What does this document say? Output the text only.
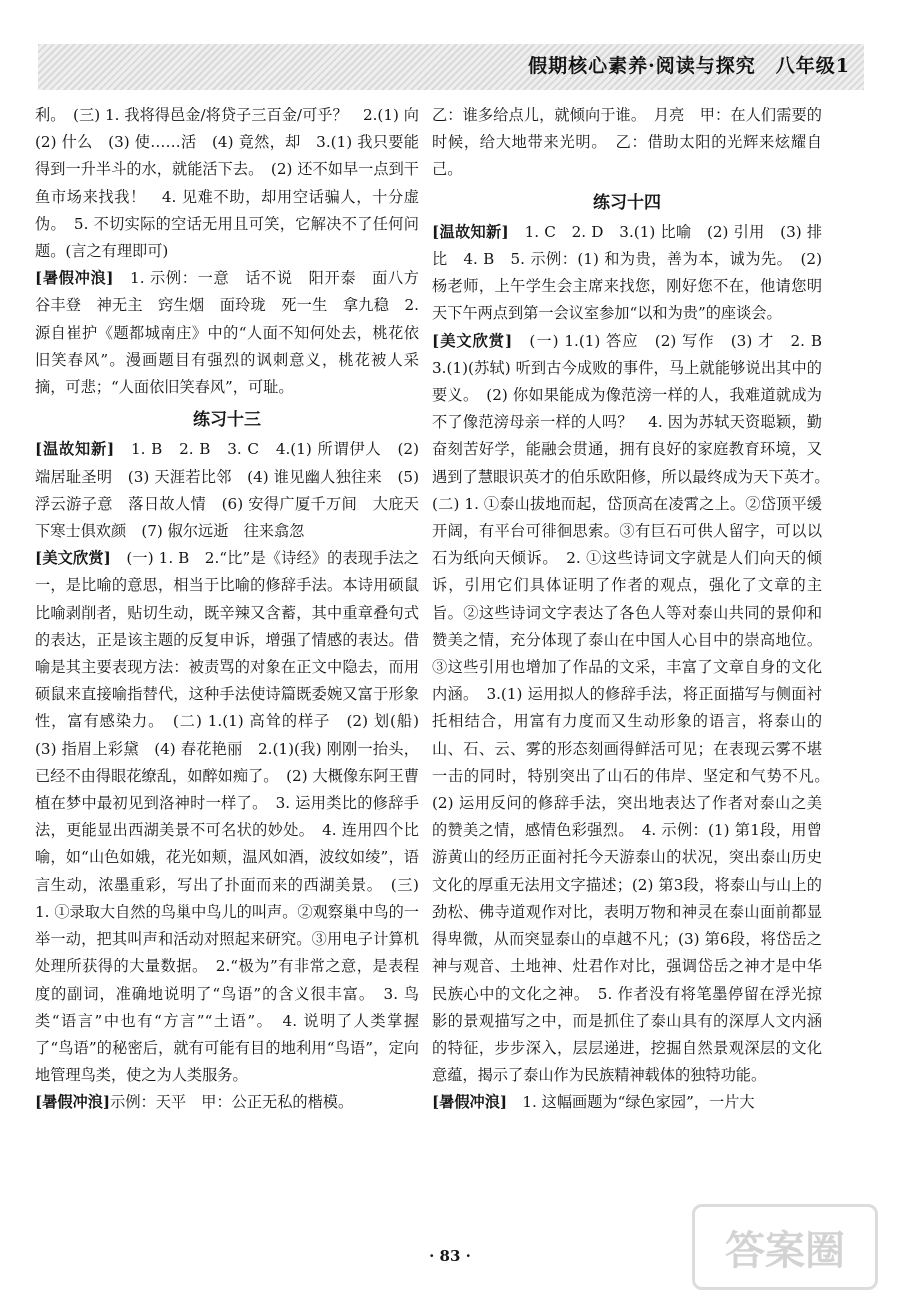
假期核心素养·阅读与探究　八年级1

利。　(三) 1. 我将得邑金/将贷子三百金/可乎？　2.(1) 向　(2) 什么　(3) 使……活　(4) 竟然，却　3.(1) 我只要能得到一升半斗的水，就能活下去。　(2) 还不如早一点到干鱼市场来找我！　4. 见难不助，却用空话骗人，十分虚伪。　5. 不切实际的空话无用且可笑，它解决不了任何问题。(言之有理即可)

[暑假冲浪]　1. 示例：一意　话不说　阳开泰　面八方　谷丰登　神无主　窍生烟　面玲珑　死一生　拿九稳　2. 源自崔护《题都城南庄》中的“人面不知何处去，桃花依旧笑春风”。漫画题目有强烈的讽刺意义，桃花被人采摘，可悲；“人面依旧笑春风”，可耻。

练习十三

[温故知新]　1. B　2. B　3. C　4.(1) 所谓伊人　(2) 端居耻圣明　(3) 天涯若比邻　(4) 谁见幽人独往来　(5) 浮云游子意　落日故人情　(6) 安得广厦千万间　大庇天下寒士俱欢颜　(7) 俶尔远逝　往来翕忽

[美文欣赏]　(一) 1. B　2.“比”是《诗经》的表现手法之一，是比喻的意思，相当于比喻的修辞手法。本诗用硕鼠比喻剥削者，贴切生动，既辛辣又含蓄，其中重章叠句式的表达，正是该主题的反复申诉，增强了情感的表达。借喻是其主要表现方法：被责骂的对象在正文中隐去，而用硕鼠来直接喻指替代，这种手法使诗篇既委婉又富于形象性，富有感染力。　(二) 1.(1) 高耸的样子　(2) 划(船)　(3) 指眉上彩黛　(4) 春花艳丽　2.(1)(我) 刚刚一抬头，已经不由得眼花缭乱，如醉如痴了。　(2) 大概像东阿王曹植在梦中最初见到洛神时一样了。　3. 运用类比的修辞手法，更能显出西湖美景不可名状的妙处。　4. 连用四个比喻，如“山色如娥，花光如颊，温风如酒，波纹如绫”，语言生动，浓墨重彩，写出了扑面而来的西湖美景。　(三) 1. ①录取大自然的鸟巢中鸟儿的叫声。②观察巢中鸟的一举一动，把其叫声和活动对照起来研究。③用电子计算机处理所获得的大量数据。　2.“极为”有非常之意，是表程度的副词，准确地说明了“鸟语”的含义很丰富。　3. 鸟类“语言”中也有“方言”“土语”。　4. 说明了人类掌握了“鸟语”的秘密后，就有可能有目的地利用“鸟语”，定向地管理鸟类，使之为人类服务。

[暑假冲浪]示例：天平　甲：公正无私的楷模。

乙：谁多给点儿，就倾向于谁。　月亮　甲：在人们需要的时候，给大地带来光明。　乙：借助太阳的光辉来炫耀自己。

练习十四

[温故知新]　1. C　2. D　3.(1) 比喻　(2) 引用　(3) 排比　4. B　5. 示例：(1) 和为贵，善为本，诚为先。　(2) 杨老师，上午学生会主席来找您，刚好您不在，他请您明天下午两点到第一会议室参加“以和为贵”的座谈会。

[美文欣赏]　(一) 1.(1) 答应　(2) 写作　(3) 才　2. B　3.(1)(苏轼) 听到古今成败的事件，马上就能够说出其中的要义。　(2) 你如果能成为像范滂一样的人，我难道就成为不了像范滂母亲一样的人吗？　4. 因为苏轼天资聪颖，勤奋刻苦好学，能融会贯通，拥有良好的家庭教育环境，又遇到了慧眼识英才的伯乐欧阳修，所以最终成为天下英才。　(二) 1. ①泰山拔地而起，岱顶高在凌霄之上。②岱顶平缓开阔，有平台可徘徊思索。③有巨石可供人留字，可以以石为纸向天倾诉。　2. ①这些诗词文字就是人们向天的倾诉，引用它们具体证明了作者的观点，强化了文章的主旨。②这些诗词文字表达了各色人等对泰山共同的景仰和赞美之情，充分体现了泰山在中国人心目中的崇高地位。③这些引用也增加了作品的文采，丰富了文章自身的文化内涵。　3.(1) 运用拟人的修辞手法，将正面描写与侧面衬托相结合，用富有力度而又生动形象的语言，将泰山的山、石、云、雾的形态刻画得鲜活可见；在表现云雾不堪一击的同时，特别突出了山石的伟岸、坚定和气势不凡。　(2) 运用反问的修辞手法，突出地表达了作者对泰山之美的赞美之情，感情色彩强烈。　4. 示例：(1) 第1段，用曾游黄山的经历正面衬托今天游泰山的状况，突出泰山历史文化的厚重无法用文字描述；(2) 第3段，将泰山与山上的劲松、佛寺道观作对比，表明万物和神灵在泰山面前都显得卑微，从而突显泰山的卓越不凡；(3) 第6段，将岱岳之神与观音、土地神、灶君作对比，强调岱岳之神才是中华民族心中的文化之神。　5. 作者没有将笔墨停留在浮光掠影的景观描写之中，而是抓住了泰山具有的深厚人文内涵的特征，步步深入，层层递进，挖掘自然景观深层的文化意蕴，揭示了泰山作为民族精神载体的独特功能。

[暑假冲浪]　1. 这幅画题为“绿色家园”，一片大

· 83 ·	答案圈
